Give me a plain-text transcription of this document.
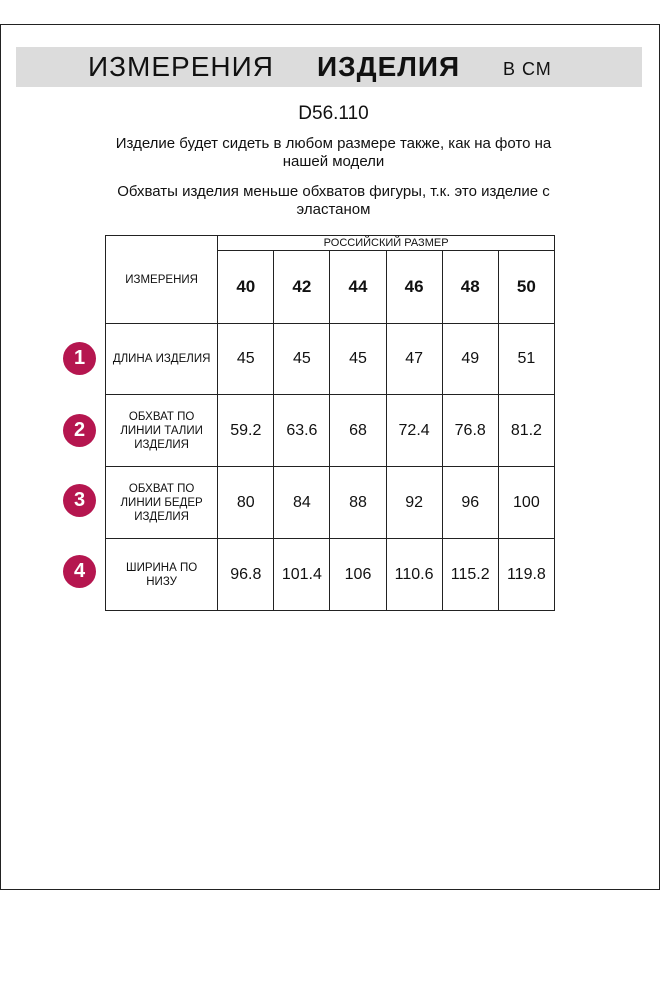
ИЗМЕРЕНИЯ ИЗДЕЛИЯ В СМ
D56.110
Изделие будет сидеть в любом размере также, как на фото на нашей модели
Обхваты изделия меньше обхватов фигуры, т.к. это изделие с эластаном
ИЗМЕРЕНИЯ	РОССИЙСКИЙ РАЗМЕР					
	40	42	44	46	48	50
ДЛИНА ИЗДЕЛИЯ	45	45	45	47	49	51

ОБХВАТ ПО ЛИНИИ ТАЛИИ ИЗДЕЛИЯ	59.2	63.6	68	72.4	76.8	81.2

ОБХВАТ ПО ЛИНИИ БЕДЕР ИЗДЕЛИЯ	80	84	88	92	96	100

ШИРИНА ПО НИЗУ	96.8	101.4	106	110.6	115.2	119.8
1
2
3
4
